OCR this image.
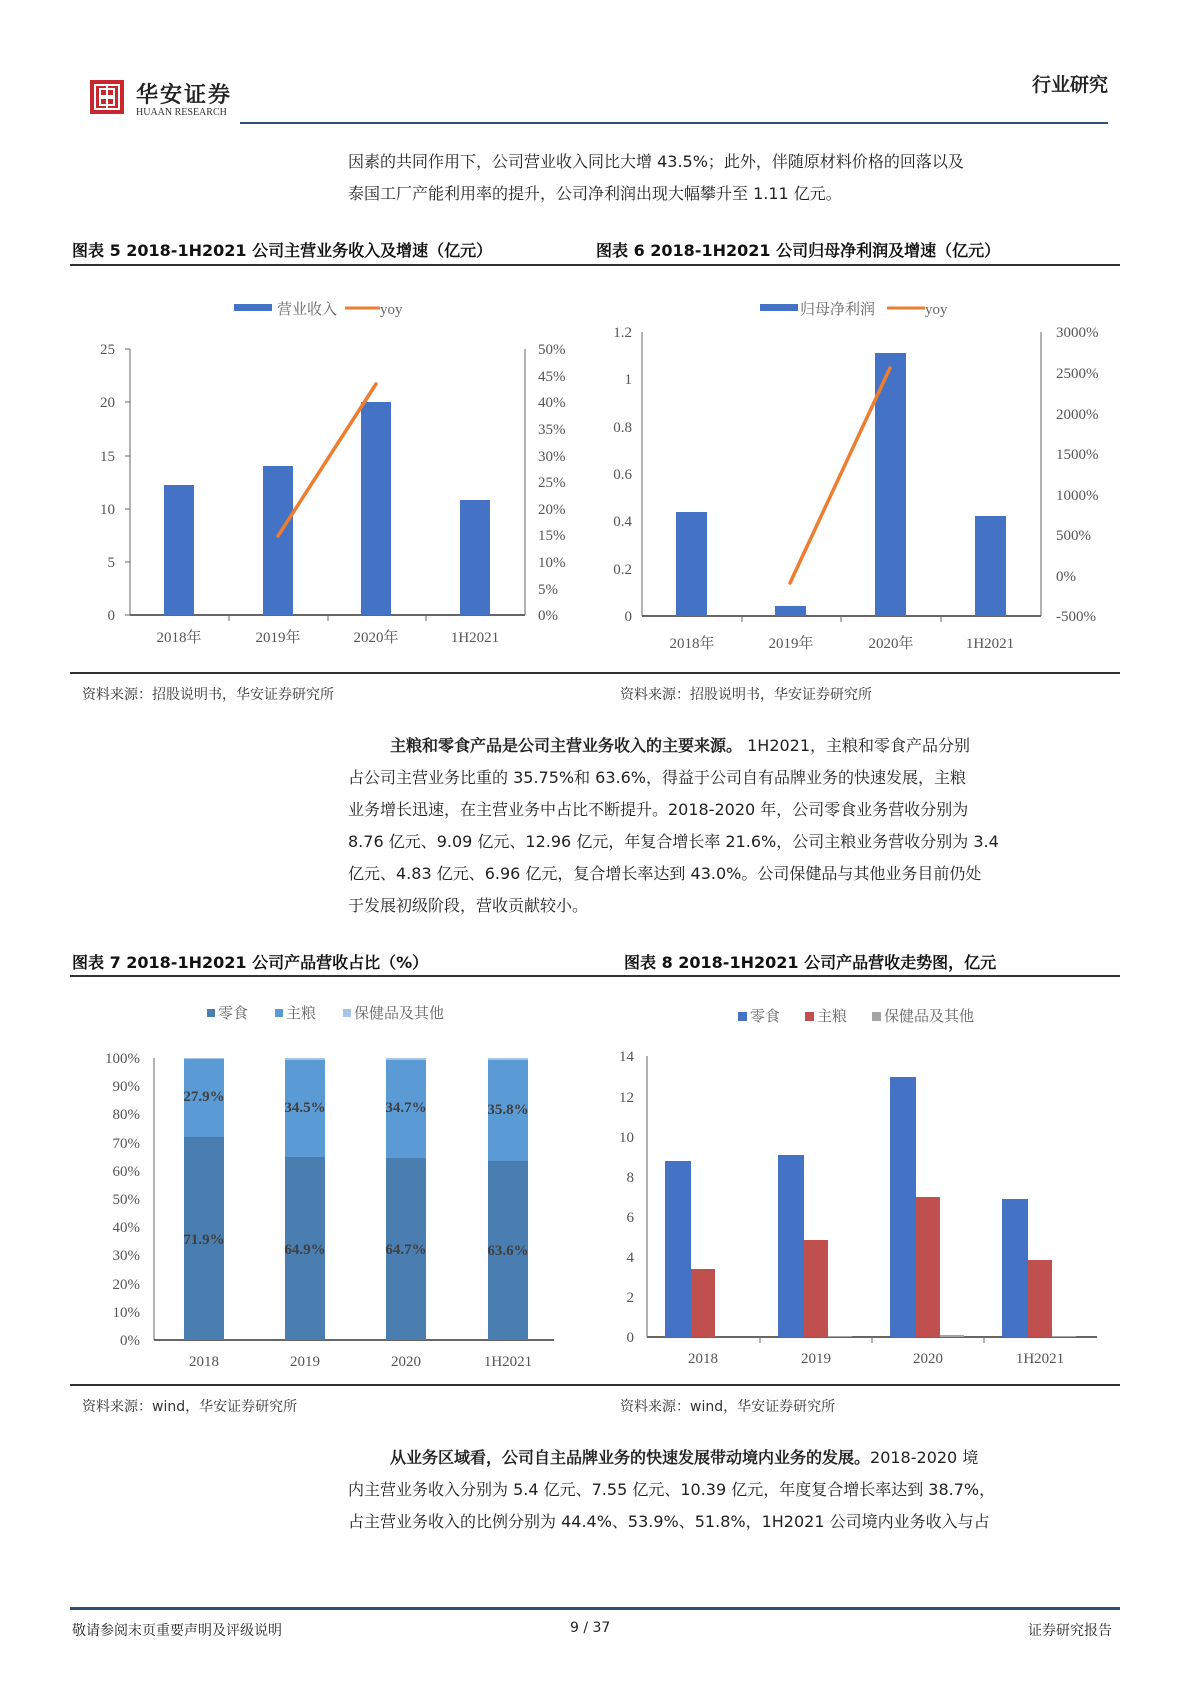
华安证券
HUAAN RESEARCH
行业研究
因素的共同作用下，公司营业收入同比大增 43.5%；此外，伴随原材料价格的回落以及
泰国工厂产能利用率的提升，公司净利润出现大幅攀升至 1.11 亿元。
图表 5 2018-1H2021 公司主营业务收入及增速（亿元）	图表 6 2018-1H2021 公司归母净利润及增速（亿元）
营业收入	yoy
0
5
10
15
20
25
0%
5%
10%
15%
20%
25%
30%
35%
40%
45%
50%
2018年	2019年	2020年	1H2021
归母净利润	yoy
0
0.2
0.4
0.6
0.8
1
1.2
-500%
0%
500%
1000%
1500%
2000%
2500%
3000%
2018年	2019年	2020年	1H2021
资料来源：招股说明书，华安证券研究所	资料来源：招股说明书，华安证券研究所
主粮和零食产品是公司主营业务收入的主要来源。 1H2021，主粮和零食产品分别
占公司主营业务比重的 35.75%和 63.6%，得益于公司自有品牌业务的快速发展，主粮
业务增长迅速，在主营业务中占比不断提升。2018-2020 年，公司零食业务营收分别为
8.76 亿元、9.09 亿元、12.96 亿元，年复合增长率 21.6%，公司主粮业务营收分别为 3.4
亿元、4.83 亿元、6.96 亿元，复合增长率达到 43.0%。公司保健品与其他业务目前仍处
于发展初级阶段，营收贡献较小。
图表 7 2018-1H2021 公司产品营收占比（%）	图表 8 2018-1H2021 公司产品营收走势图，亿元
零食	主粮	保健品及其他
0%
10%
20%
30%
40%
50%
60%
70%
80%
90%
100%
27.9%
34.5%	34.7%	35.8%
71.9%
64.9%	64.7%	63.6%
2018	2019	2020	1H2021
零食 主粮 保健品及其他
0
2
4
6
8
10
12
14
2018	2019	2020	1H2021
资料来源：wind，华安证券研究所	资料来源：wind，华安证券研究所
从业务区域看，公司自主品牌业务的快速发展带动境内业务的发展。2018-2020 境
内主营业务收入分别为 5.4 亿元、7.55 亿元、10.39 亿元，年度复合增长率达到 38.7%，
占主营业务收入的比例分别为 44.4%、53.9%、51.8%，1H2021 公司境内业务收入与占
敬请参阅末页重要声明及评级说明	9 / 37	证券研究报告
